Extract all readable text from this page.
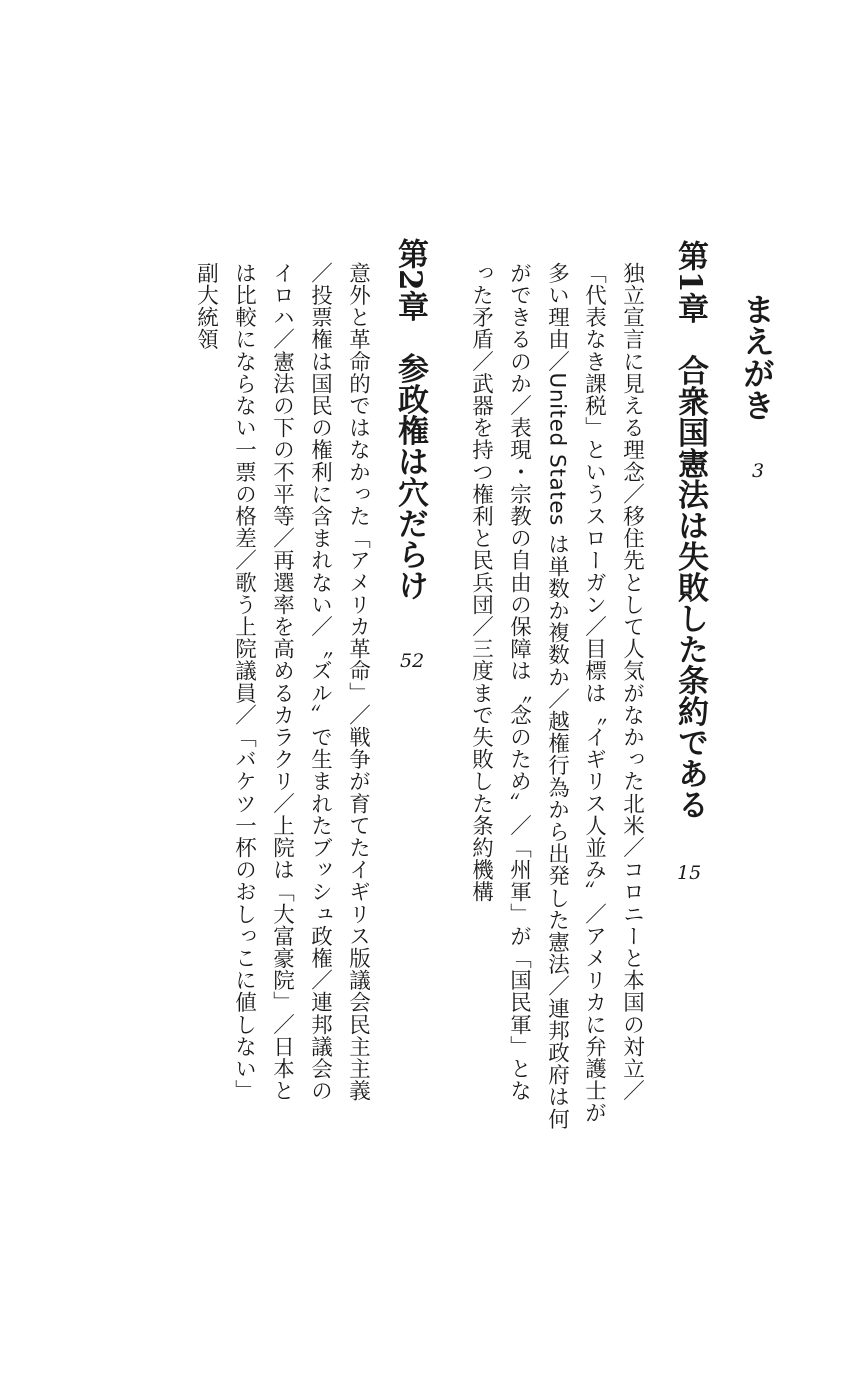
まえがき
3
第1章　合衆国憲法は失敗した条約である
15
独立宣言に見える理念／移住先として人気がなかった北米／コロニーと本国の対立／
「代表なき課税」というスローガン／目標は〝イギリス人並み〟／アメリカに弁護士が
多い理由／United States は単数か複数か／越権行為から出発した憲法／連邦政府は何
ができるのか／表現・宗教の自由の保障は〝念のため〟／「州軍」が「国民軍」とな
った矛盾／武器を持つ権利と民兵団／三度まで失敗した条約機構
第2章　参政権は穴だらけ
52
意外と革命的ではなかった「アメリカ革命」／戦争が育てたイギリス版議会民主主義
／投票権は国民の権利に含まれない／〝ズル〟で生まれたブッシュ政権／連邦議会の
イロハ／憲法の下の不平等／再選率を高めるカラクリ／上院は「大富豪院」／日本と
は比較にならない一票の格差／歌う上院議員／「バケツ一杯のおしっこに値しない」
副大統領
